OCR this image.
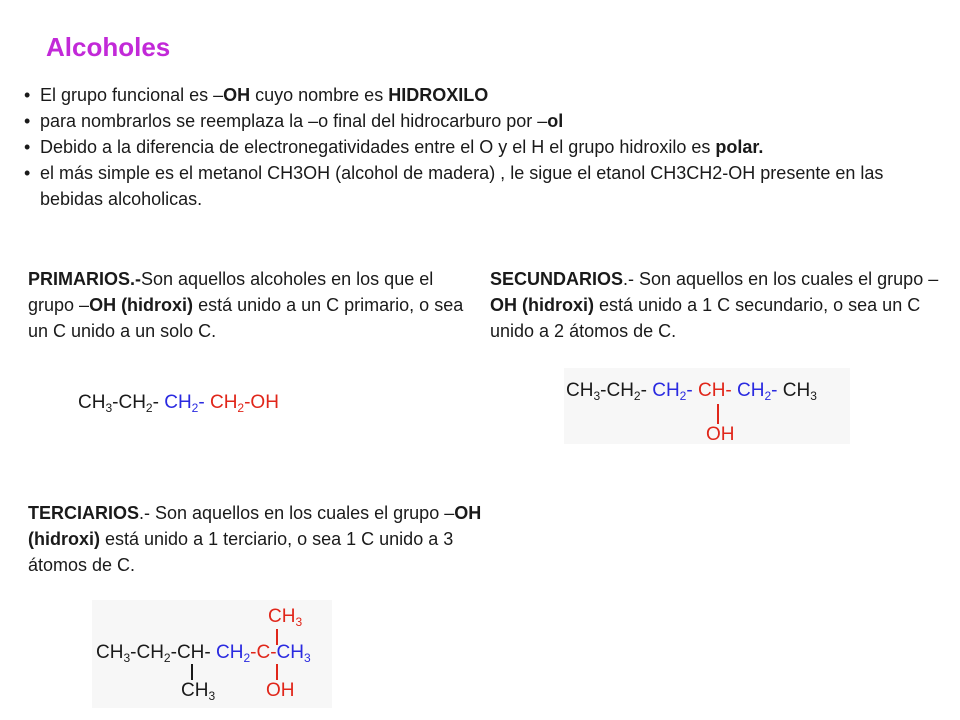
Alcoholes
• El grupo funcional es –OH cuyo nombre es HIDROXILO
• para nombrarlos se reemplaza la –o final del hidrocarburo por –ol
• Debido a la diferencia de electronegatividades entre el O y el H el grupo hidroxilo es polar.
• el más simple es el metanol CH3OH (alcohol de madera) , le sigue el etanol CH3CH2-OH presente en las bebidas alcoholicas.

PRIMARIOS.-Son aquellos alcoholes en los que el grupo –OH (hidroxi) está unido a un C primario, o sea un C unido a un solo C.

SECUNDARIOS.- Son aquellos en los cuales el grupo –OH (hidroxi) está unido a 1 C secundario, o sea un C unido a 2 átomos de C.

TERCIARIOS.- Son aquellos en los cuales el grupo –OH (hidroxi) está unido a 1 terciario, o sea 1 C unido a 3 átomos de C.

$CH_3-CH_2-$ $CH_2-$ $CH_2-OH$
$CH_3-CH_2-$ $CH_2-$ CH- $CH_2-$ $CH_3$
OH
$CH_3$
$CH_3-CH_2-CH-$ $CH_2-C-CH_3$
$CH_3$	OH
